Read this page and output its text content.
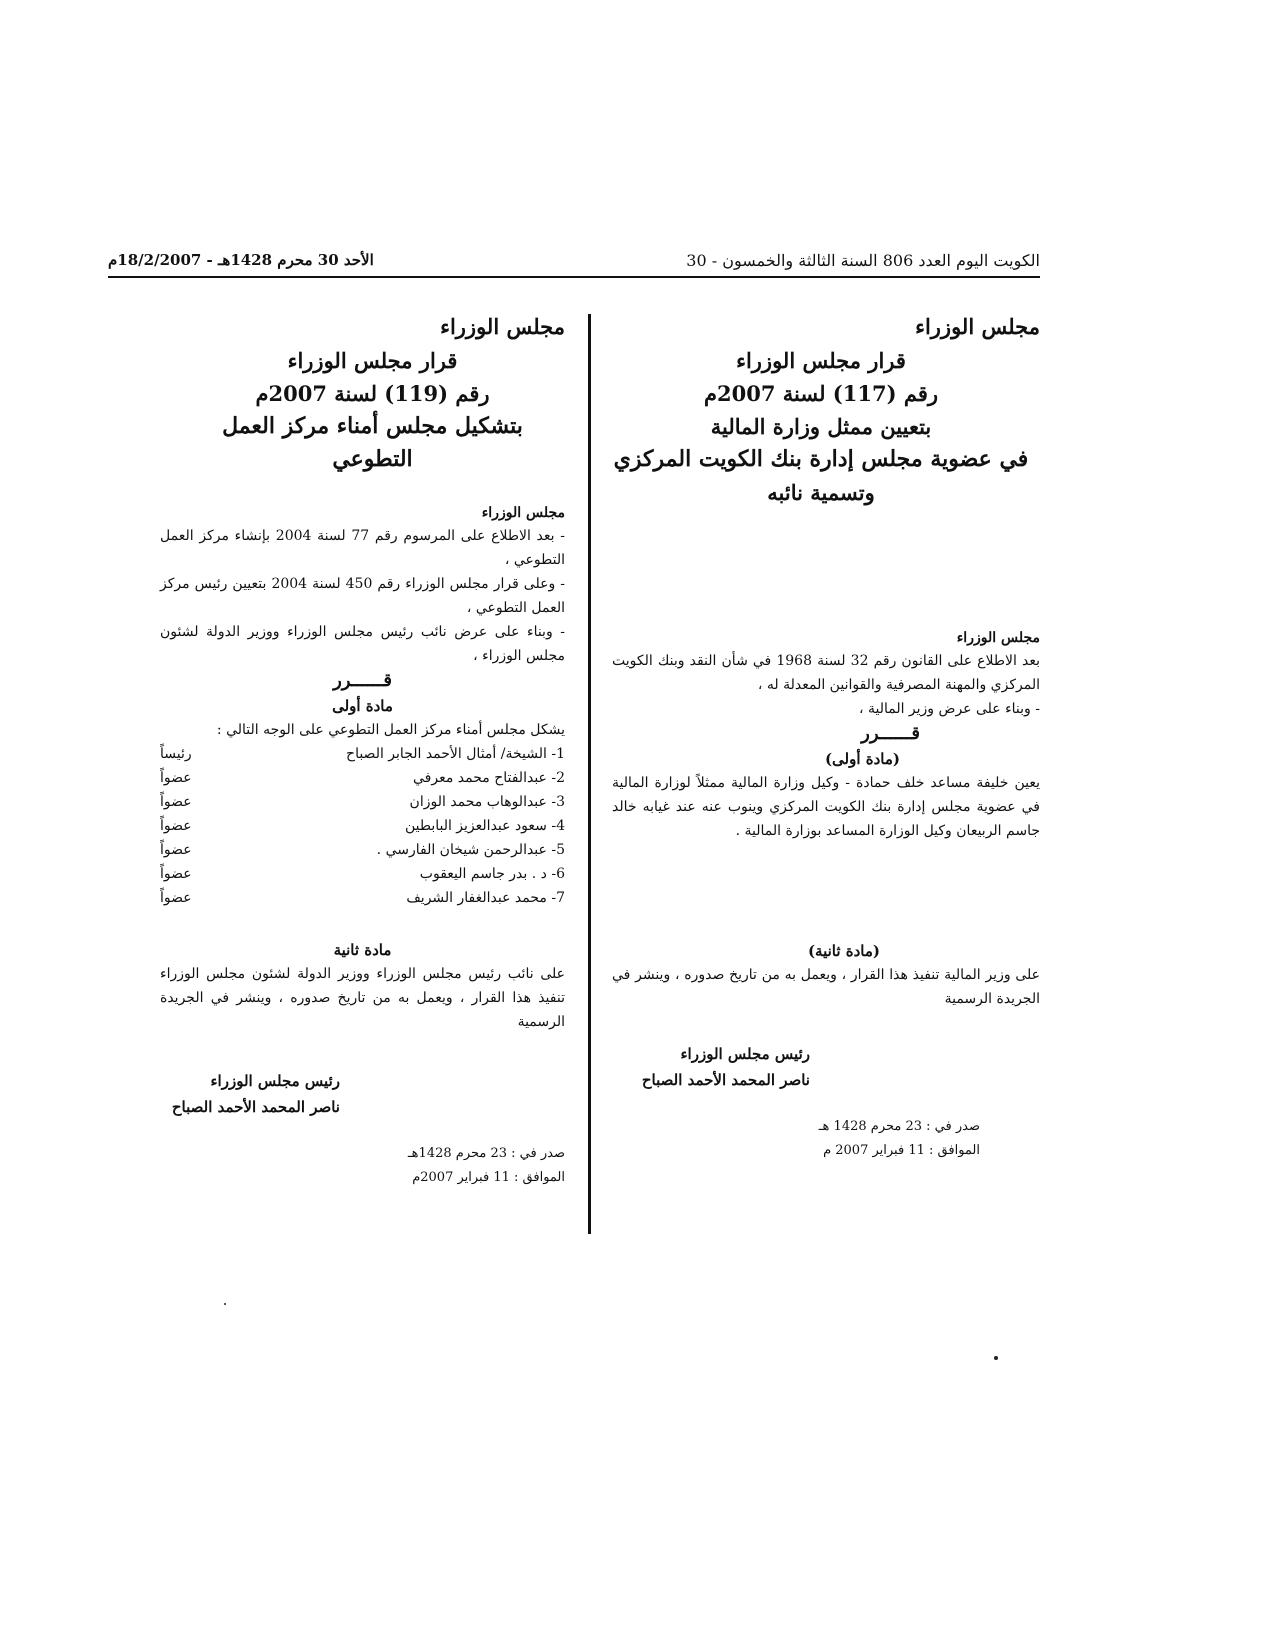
الكويت اليوم العدد 806 السنة الثالثة والخمسون - 30
الأحد 30 محرم 1428هـ - 18/2/2007م

مجلس الوزراء

قرار مجلس الوزراء

رقم (117) لسنة 2007م

بتعيين ممثل وزارة المالية

في عضوية مجلس إدارة بنك الكويت المركزي

وتسمية نائبه

مجلس الوزراء

بعد الاطلاع على القانون رقم 32 لسنة 1968 في شأن النقد وبنك الكويت المركزي والمهنة المصرفية والقوانين المعدلة له ،

- وبناء على عرض وزير المالية ،

قــــــرر

(مادة أولى)

يعين خليفة مساعد خلف حمادة - وكيل وزارة المالية ممثلاً لوزارة المالية في عضوية مجلس إدارة بنك الكويت المركزي وينوب عنه عند غيابه خالد جاسم الربيعان وكيل الوزارة المساعد بوزارة المالية .

(مادة ثانية)

على وزير المالية تنفيذ هذا القرار ، ويعمل به من تاريخ صدوره ، وينشر في الجريدة الرسمية

رئيس مجلس الوزراء

ناصر المحمد الأحمد الصباح

صدر في : 23 محرم 1428 هـ

الموافق : 11 فبراير 2007 م

مجلس الوزراء

قرار مجلس الوزراء

رقم (119) لسنة 2007م

بتشكيل مجلس أمناء مركز العمل التطوعي

مجلس الوزراء

- بعد الاطلاع على المرسوم رقم 77 لسنة 2004 بإنشاء مركز العمل التطوعي ،

- وعلى قرار مجلس الوزراء رقم 450 لسنة 2004 بتعيين رئيس مركز العمل التطوعي ،

- وبناء على عرض نائب رئيس مجلس الوزراء ووزير الدولة لشئون مجلس الوزراء ،

قــــــرر

مادة أولى

يشكل مجلس أمناء مركز العمل التطوعي على الوجه التالي :

1- الشيخة/ أمثال الأحمد الجابر الصباح
رئيساً
2- عبدالفتاح محمد معرفي
عضواً
3- عبدالوهاب محمد الوزان
عضواً
4- سعود عبدالعزيز البابطين
عضواً
5- عبدالرحمن شيخان الفارسي .
عضواً
6- د . بدر جاسم اليعقوب
عضواً
7- محمد عبدالغفار الشريف
عضواً

مادة ثانية

على نائب رئيس مجلس الوزراء ووزير الدولة لشئون مجلس الوزراء تنفيذ هذا القرار ، ويعمل به من تاريخ صدوره ، وينشر في الجريدة الرسمية

رئيس مجلس الوزراء

ناصر المحمد الأحمد الصباح

صدر في : 23 محرم 1428هـ

الموافق : 11 فبراير 2007م
